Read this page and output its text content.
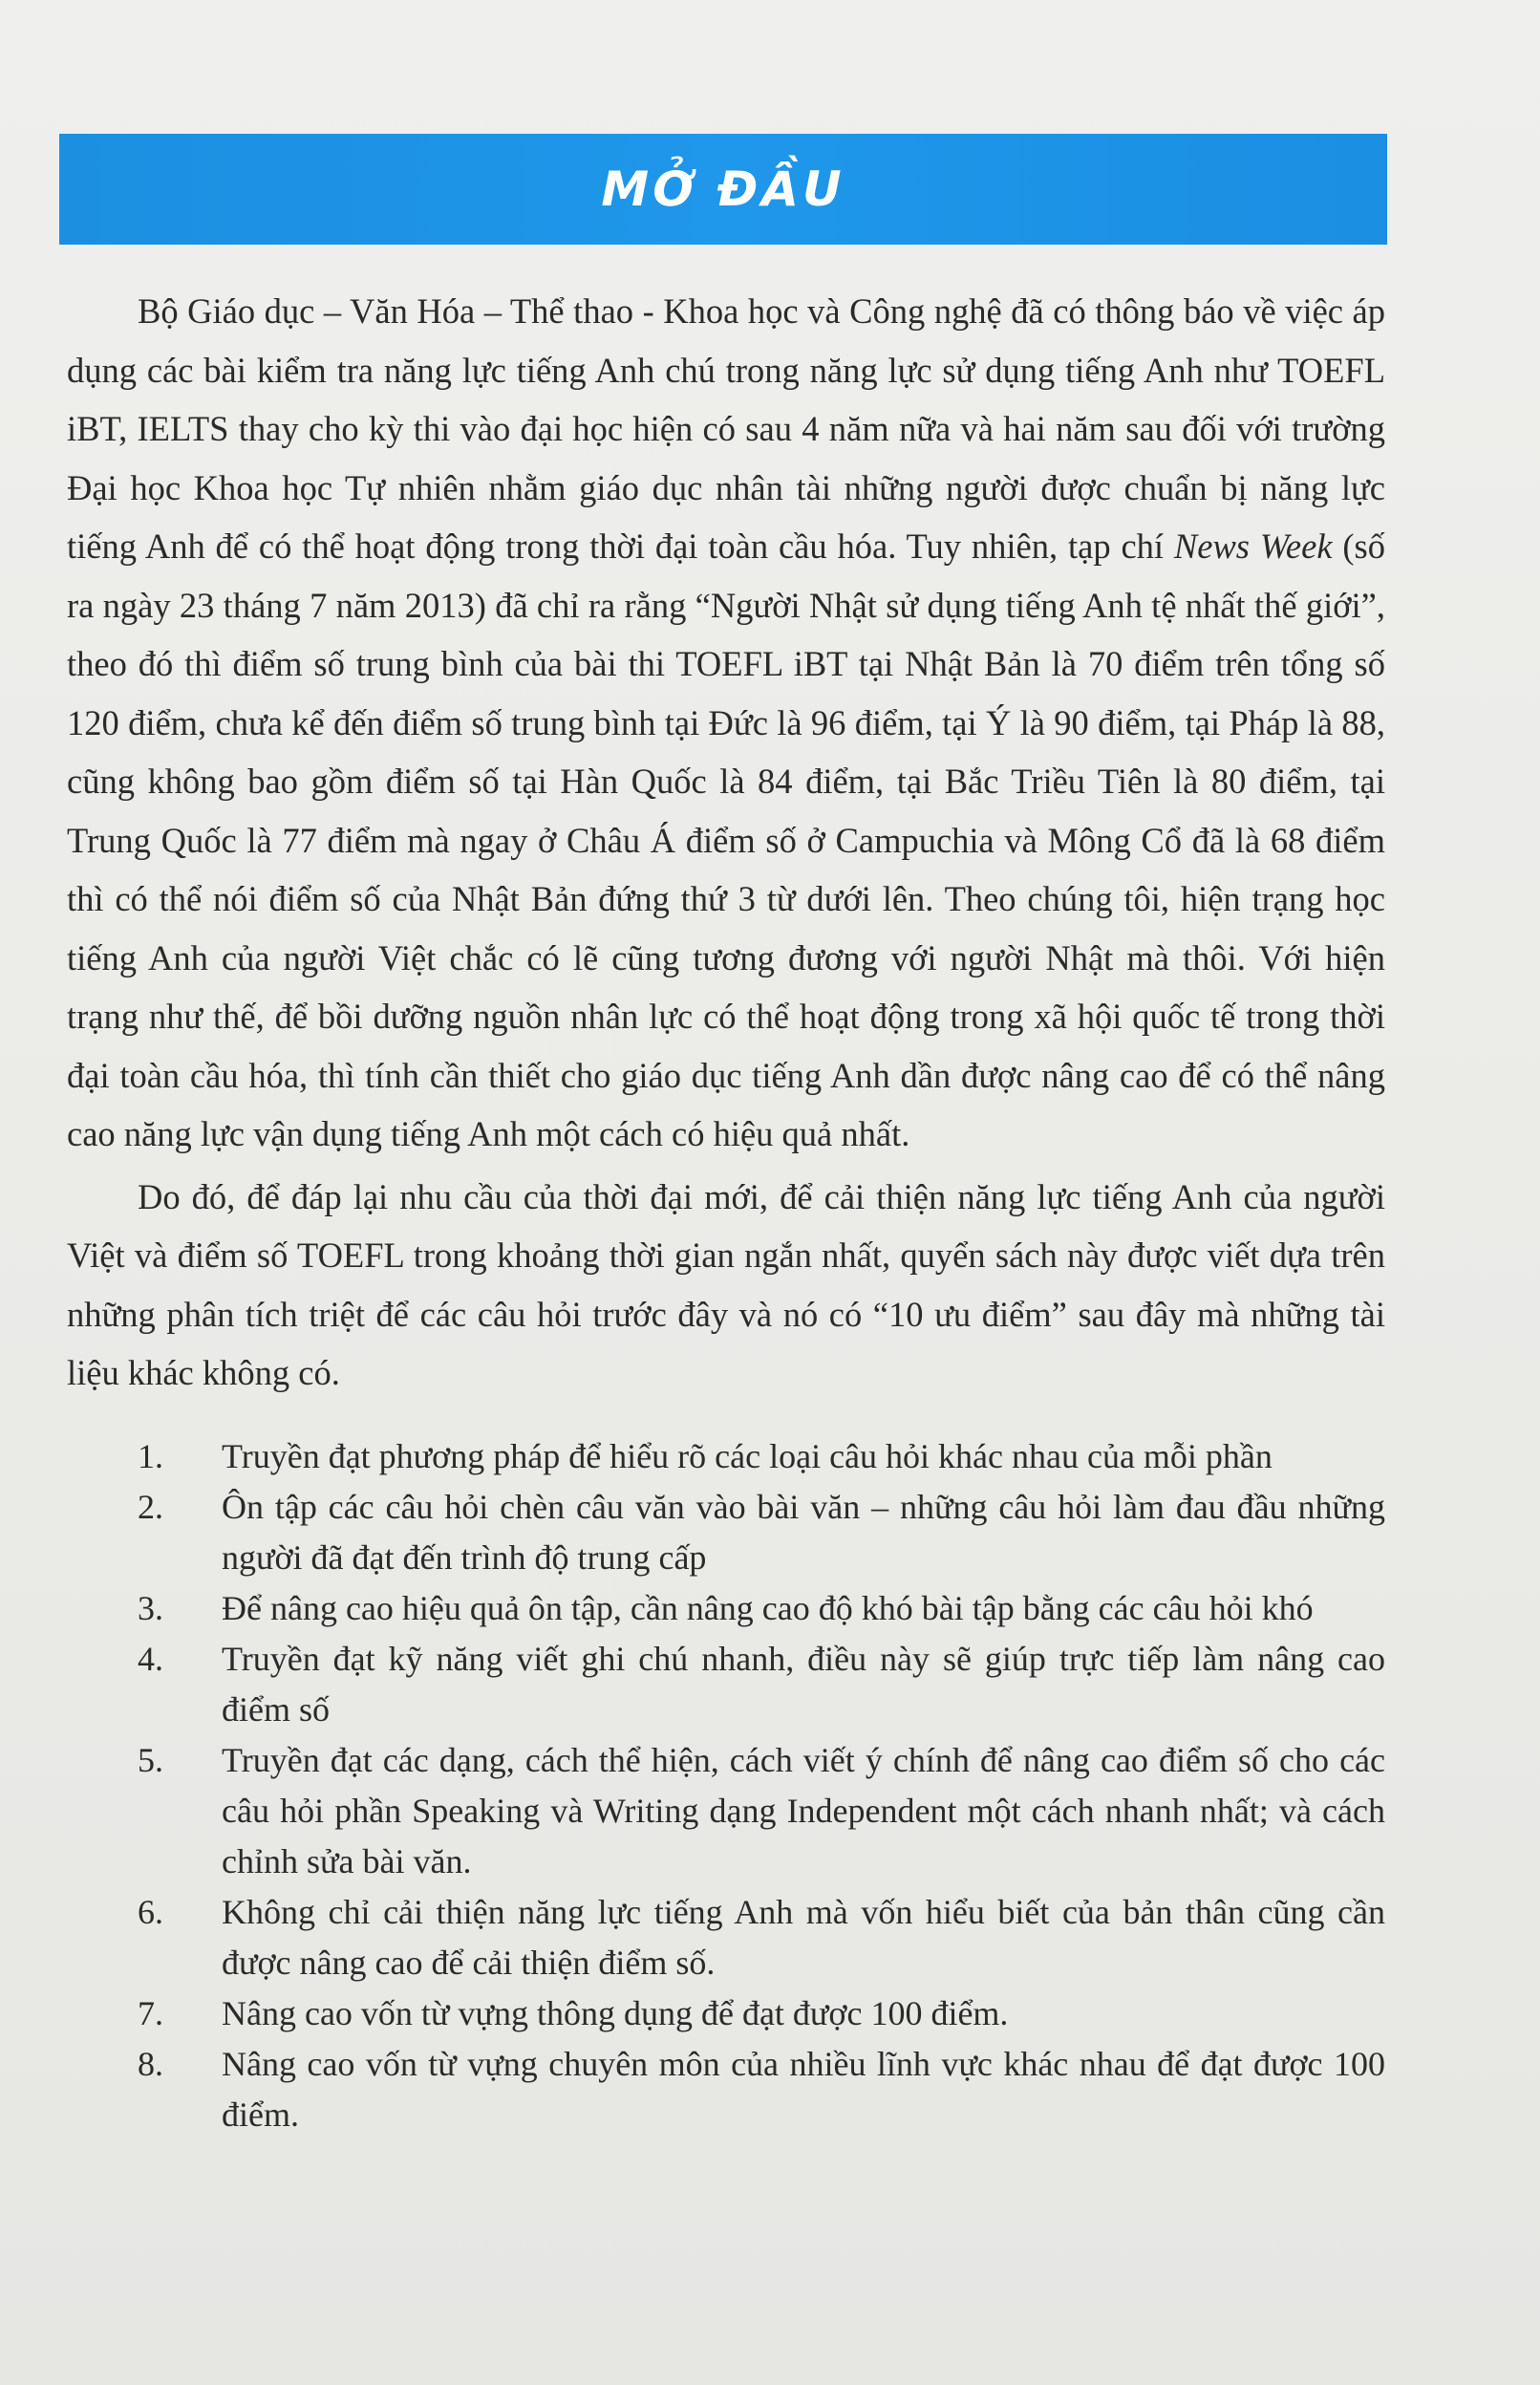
MỞ ĐẦU

Bộ Giáo dục – Văn Hóa – Thể thao - Khoa học và Công nghệ đã có thông báo về việc áp dụng các bài kiểm tra năng lực tiếng Anh chú trong năng lực sử dụng tiếng Anh như TOEFL iBT, IELTS thay cho kỳ thi vào đại học hiện có sau 4 năm nữa và hai năm sau đối với trường Đại học Khoa học Tự nhiên nhằm giáo dục nhân tài những người được chuẩn bị năng lực tiếng Anh để có thể hoạt động trong thời đại toàn cầu hóa. Tuy nhiên, tạp chí News Week (số ra ngày 23 tháng 7 năm 2013) đã chỉ ra rằng “Người Nhật sử dụng tiếng Anh tệ nhất thế giới”, theo đó thì điểm số trung bình của bài thi TOEFL iBT tại Nhật Bản là 70 điểm trên tổng số 120 điểm, chưa kể đến điểm số trung bình tại Đức là 96 điểm, tại Ý là 90 điểm, tại Pháp là 88, cũng không bao gồm điểm số tại Hàn Quốc là 84 điểm, tại Bắc Triều Tiên là 80 điểm, tại Trung Quốc là 77 điểm mà ngay ở Châu Á điểm số ở Campuchia và Mông Cổ đã là 68 điểm thì có thể nói điểm số của Nhật Bản đứng thứ 3 từ dưới lên. Theo chúng tôi, hiện trạng học tiếng Anh của người Việt chắc có lẽ cũng tương đương với người Nhật mà thôi. Với hiện trạng như thế, để bồi dưỡng nguồn nhân lực có thể hoạt động trong xã hội quốc tế trong thời đại toàn cầu hóa, thì tính cần thiết cho giáo dục tiếng Anh dần được nâng cao để có thể nâng cao năng lực vận dụng tiếng Anh một cách có hiệu quả nhất.

Do đó, để đáp lại nhu cầu của thời đại mới, để cải thiện năng lực tiếng Anh của người Việt và điểm số TOEFL trong khoảng thời gian ngắn nhất, quyển sách này được viết dựa trên những phân tích triệt để các câu hỏi trước đây và nó có “10 ưu điểm” sau đây mà những tài liệu khác không có.

1.	Truyền đạt phương pháp để hiểu rõ các loại câu hỏi khác nhau của mỗi phần
2.	Ôn tập các câu hỏi chèn câu văn vào bài văn – những câu hỏi làm đau đầu những người đã đạt đến trình độ trung cấp
3.	Để nâng cao hiệu quả ôn tập, cần nâng cao độ khó bài tập bằng các câu hỏi khó
4.	Truyền đạt kỹ năng viết ghi chú nhanh, điều này sẽ giúp trực tiếp làm nâng cao điểm số
5.	Truyền đạt các dạng, cách thể hiện, cách viết ý chính để nâng cao điểm số cho các câu hỏi phần Speaking và Writing dạng Independent một cách nhanh nhất; và cách chỉnh sửa bài văn.
6.	Không chỉ cải thiện năng lực tiếng Anh mà vốn hiểu biết của bản thân cũng cần được nâng cao để cải thiện điểm số.
7.	Nâng cao vốn từ vựng thông dụng để đạt được 100 điểm.
8.	Nâng cao vốn từ vựng chuyên môn của nhiều lĩnh vực khác nhau để đạt được 100 điểm.
